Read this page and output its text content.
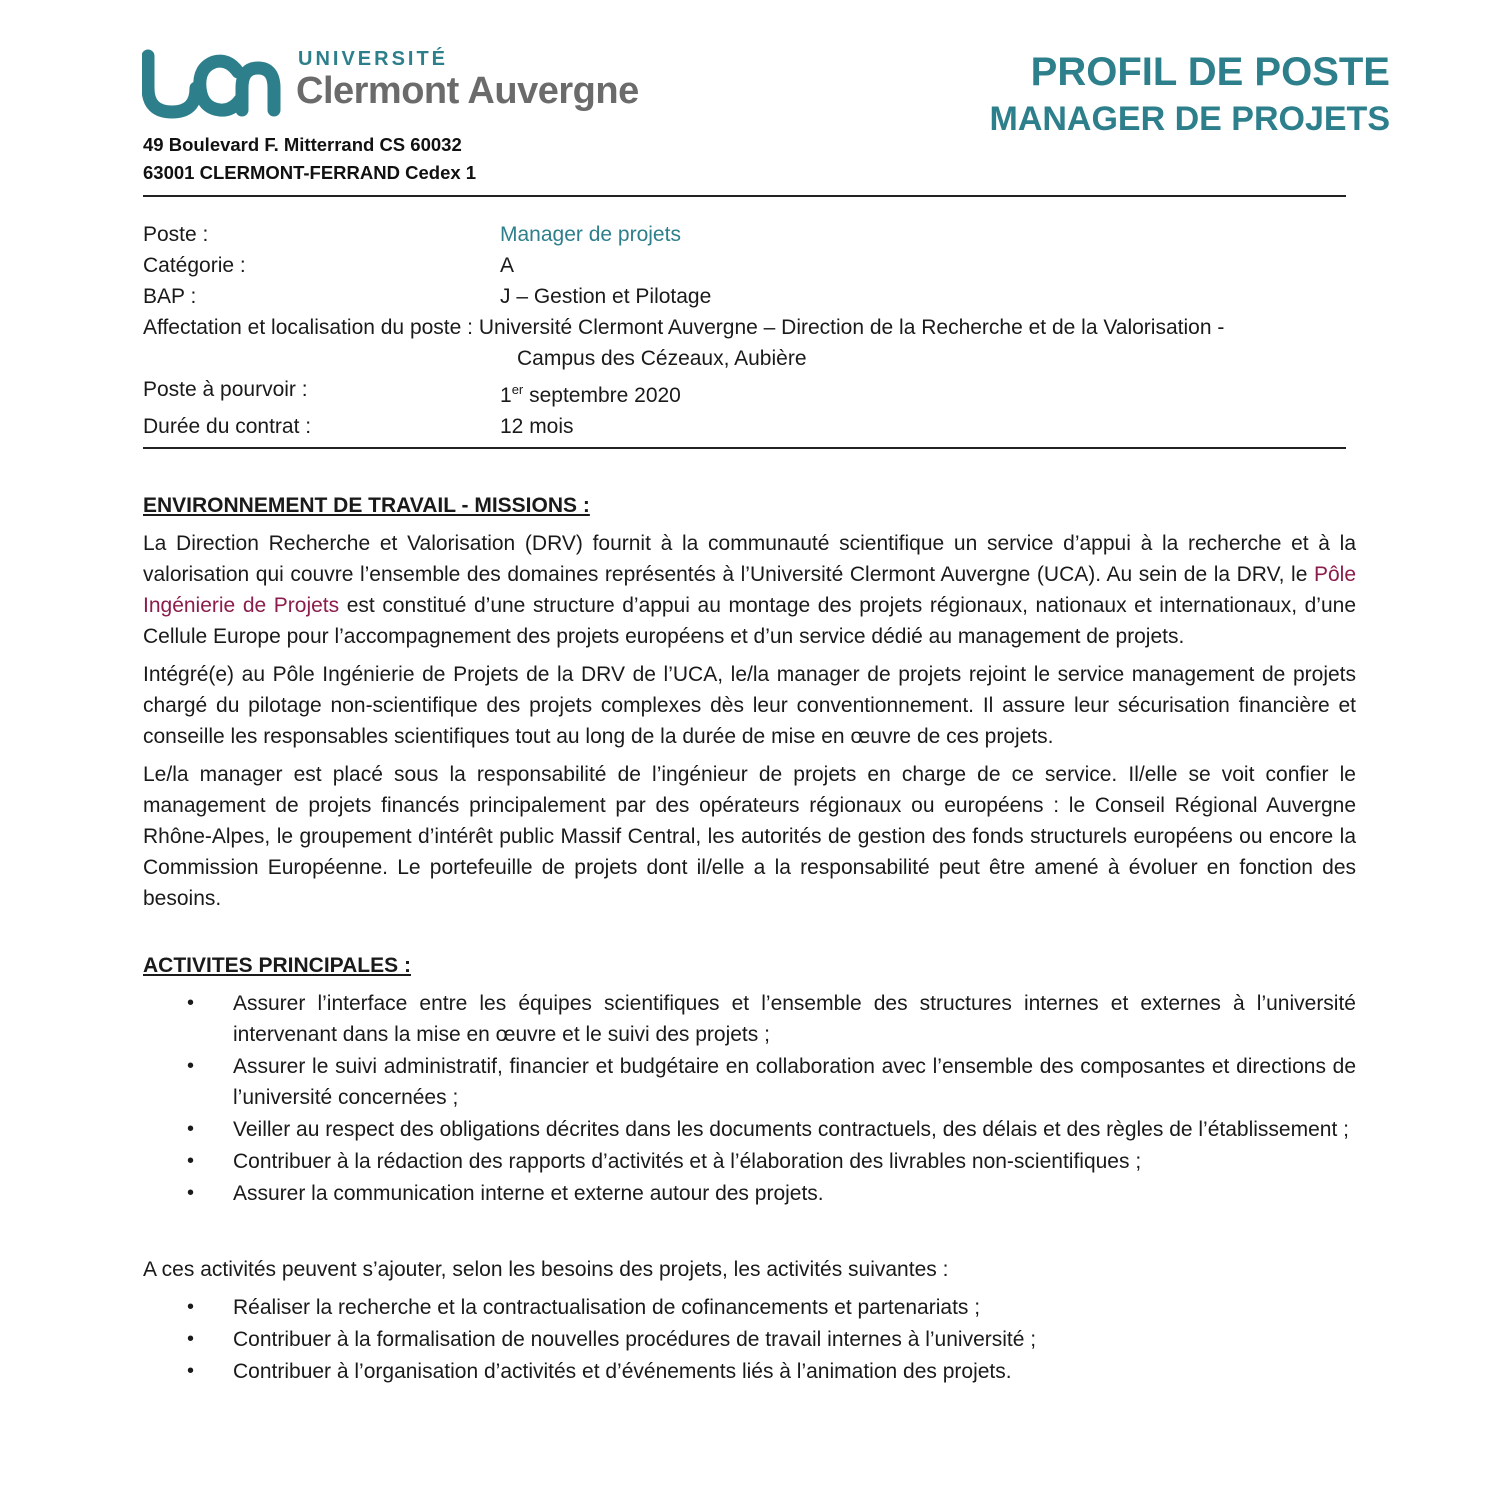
UNIVERSITÉ
Clermont Auvergne
49 Boulevard F. Mitterrand CS 60032
63001 CLERMONT-FERRAND Cedex 1
PROFIL DE POSTE
MANAGER DE PROJETS
Poste :	Manager de projets
Catégorie :	A
BAP :	J – Gestion et Pilotage
Affectation et localisation du poste :
Université Clermont Auvergne – Direction de la Recherche et de la Valorisation -
Campus des Cézeaux, Aubière
Poste à pourvoir :	1er septembre 2020
Durée du contrat :	12 mois
ENVIRONNEMENT DE TRAVAIL - MISSIONS :

La Direction Recherche et Valorisation (DRV) fournit à la communauté scientifique un service d’appui à la recherche et à la valorisation qui couvre l’ensemble des domaines représentés à l’Université Clermont Auvergne (UCA). Au sein de la DRV, le Pôle Ingénierie de Projets est constitué d’une structure d’appui au montage des projets régionaux, nationaux et internationaux, d’une Cellule Europe pour l’accompagnement des projets européens et d’un service dédié au management de projets.

Intégré(e) au Pôle Ingénierie de Projets de la DRV de l’UCA, le/la manager de projets rejoint le service management de projets chargé du pilotage non-scientifique des projets complexes dès leur conventionnement. Il assure leur sécurisation financière et conseille les responsables scientifiques tout au long de la durée de mise en œuvre de ces projets.

Le/la manager est placé sous la responsabilité de l’ingénieur de projets en charge de ce service. Il/elle se voit confier le management de projets financés principalement par des opérateurs régionaux ou européens : le Conseil Régional Auvergne Rhône-Alpes, le groupement d’intérêt public Massif Central, les autorités de gestion des fonds structurels européens ou encore la Commission Européenne. Le portefeuille de projets dont il/elle a la responsabilité peut être amené à évoluer en fonction des besoins.

ACTIVITES PRINCIPALES :
• Assurer l’interface entre les équipes scientifiques et l’ensemble des structures internes et externes à l’université intervenant dans la mise en œuvre et le suivi des projets ;
• Assurer le suivi administratif, financier et budgétaire en collaboration avec l’ensemble des composantes et directions de l’université concernées ;
• Veiller au respect des obligations décrites dans les documents contractuels, des délais et des règles de l’établissement ;
• Contribuer à la rédaction des rapports d’activités et à l’élaboration des livrables non-scientifiques ;
• Assurer la communication interne et externe autour des projets.

A ces activités peuvent s’ajouter, selon les besoins des projets, les activités suivantes :

• Réaliser la recherche et la contractualisation de cofinancements et partenariats ;
• Contribuer à la formalisation de nouvelles procédures de travail internes à l’université ;
• Contribuer à l’organisation d’activités et d’événements liés à l’animation des projets.
